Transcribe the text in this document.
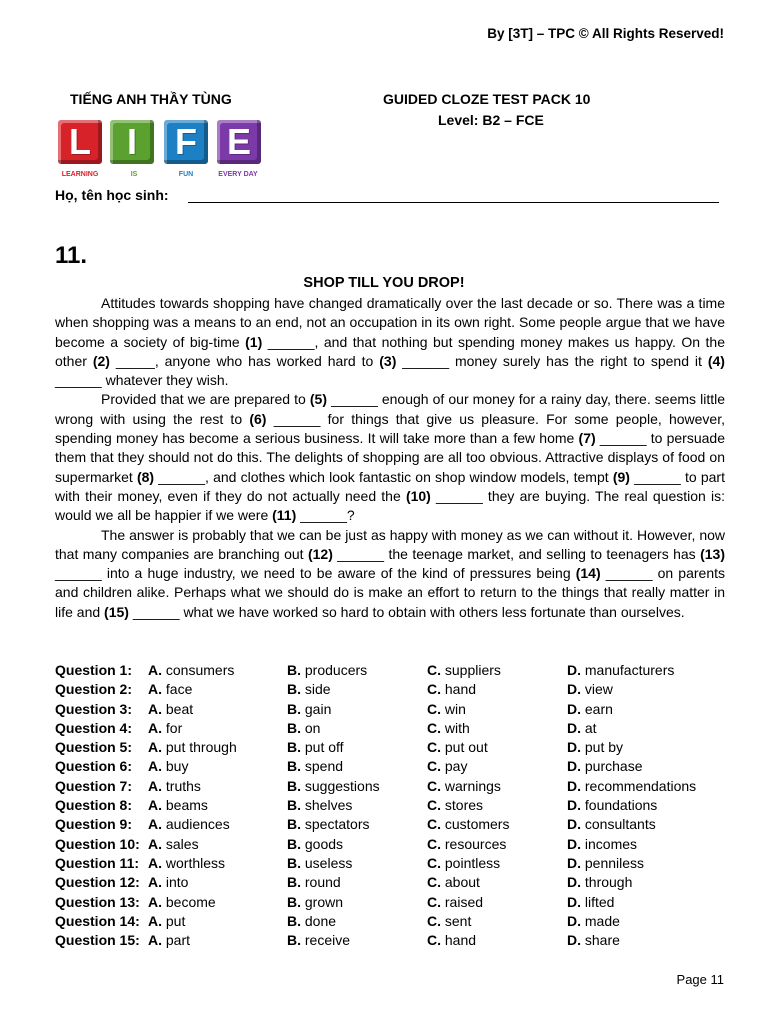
By [3T] – TPC © All Rights Reserved!
TIẾNG ANH THẦY TÙNG	GUIDED CLOZE TEST PACK 10
Level: B2 – FCE
L I	F E
LEARNING	IS	FUN	EVERY DAY
Họ, tên học sinh:
11.
SHOP TILL YOU DROP!

Attitudes towards shopping have changed dramatically over the last decade or so. There was a time when shopping was a means to an end, not an occupation in its own right. Some people argue that we have become a society of big-time (1) ______, and that nothing but spending money makes us happy. On the other (2) _____, anyone who has worked hard to (3) ______ money surely has the right to spend it (4) ______ whatever they wish.

Provided that we are prepared to (5) ______ enough of our money for a rainy day, there. seems little wrong with using the rest to (6) ______ for things that give us pleasure. For some people, however, spending money has become a serious business. It will take more than a few home (7) ______ to persuade them that they should not do this. The delights of shopping are all too obvious. Attractive displays of food on supermarket (8) ______, and clothes which look fantastic on shop window models, tempt (9) ______ to part with their money, even if they do not actually need the (10) ______ they are buying. The real question is: would we all be happier if we were (11) ______?

The answer is probably that we can be just as happy with money as we can without it. However, now that many companies are branching out (12) ______ the teenage market, and selling to teenagers has (13) ______ into a huge industry, we need to be aware of the kind of pressures being (14) ______ on parents and children alike. Perhaps what we should do is make an effort to return to the things that really matter in life and (15) ______ what we have worked so hard to obtain with others less fortunate than ourselves.

Question 1:	A. consumers	B. producers	C. suppliers	D. manufacturers
Question 2:	A. face	B. side	C. hand	D. view
Question 3:	A. beat	B. gain	C. win	D. earn
Question 4:	A. for	B. on	C. with	D. at
Question 5:	A. put through	B. put off	C. put out	D. put by
Question 6:	A. buy	B. spend	C. pay	D. purchase
Question 7:	A. truths	B. suggestions	C. warnings	D. recommendations
Question 8:	A. beams	B. shelves	C. stores	D. foundations
Question 9:	A. audiences	B. spectators	C. customers	D. consultants
Question 10:	A. sales	B. goods	C. resources	D. incomes
Question 11:	A. worthless	B. useless	C. pointless	D. penniless
Question 12:	A. into	B. round	C. about	D. through
Question 13:	A. become	B. grown	C. raised	D. lifted
Question 14:	A. put	B. done	C. sent	D. made
Question 15:	A. part	B. receive	C. hand	D. share
Page 11
